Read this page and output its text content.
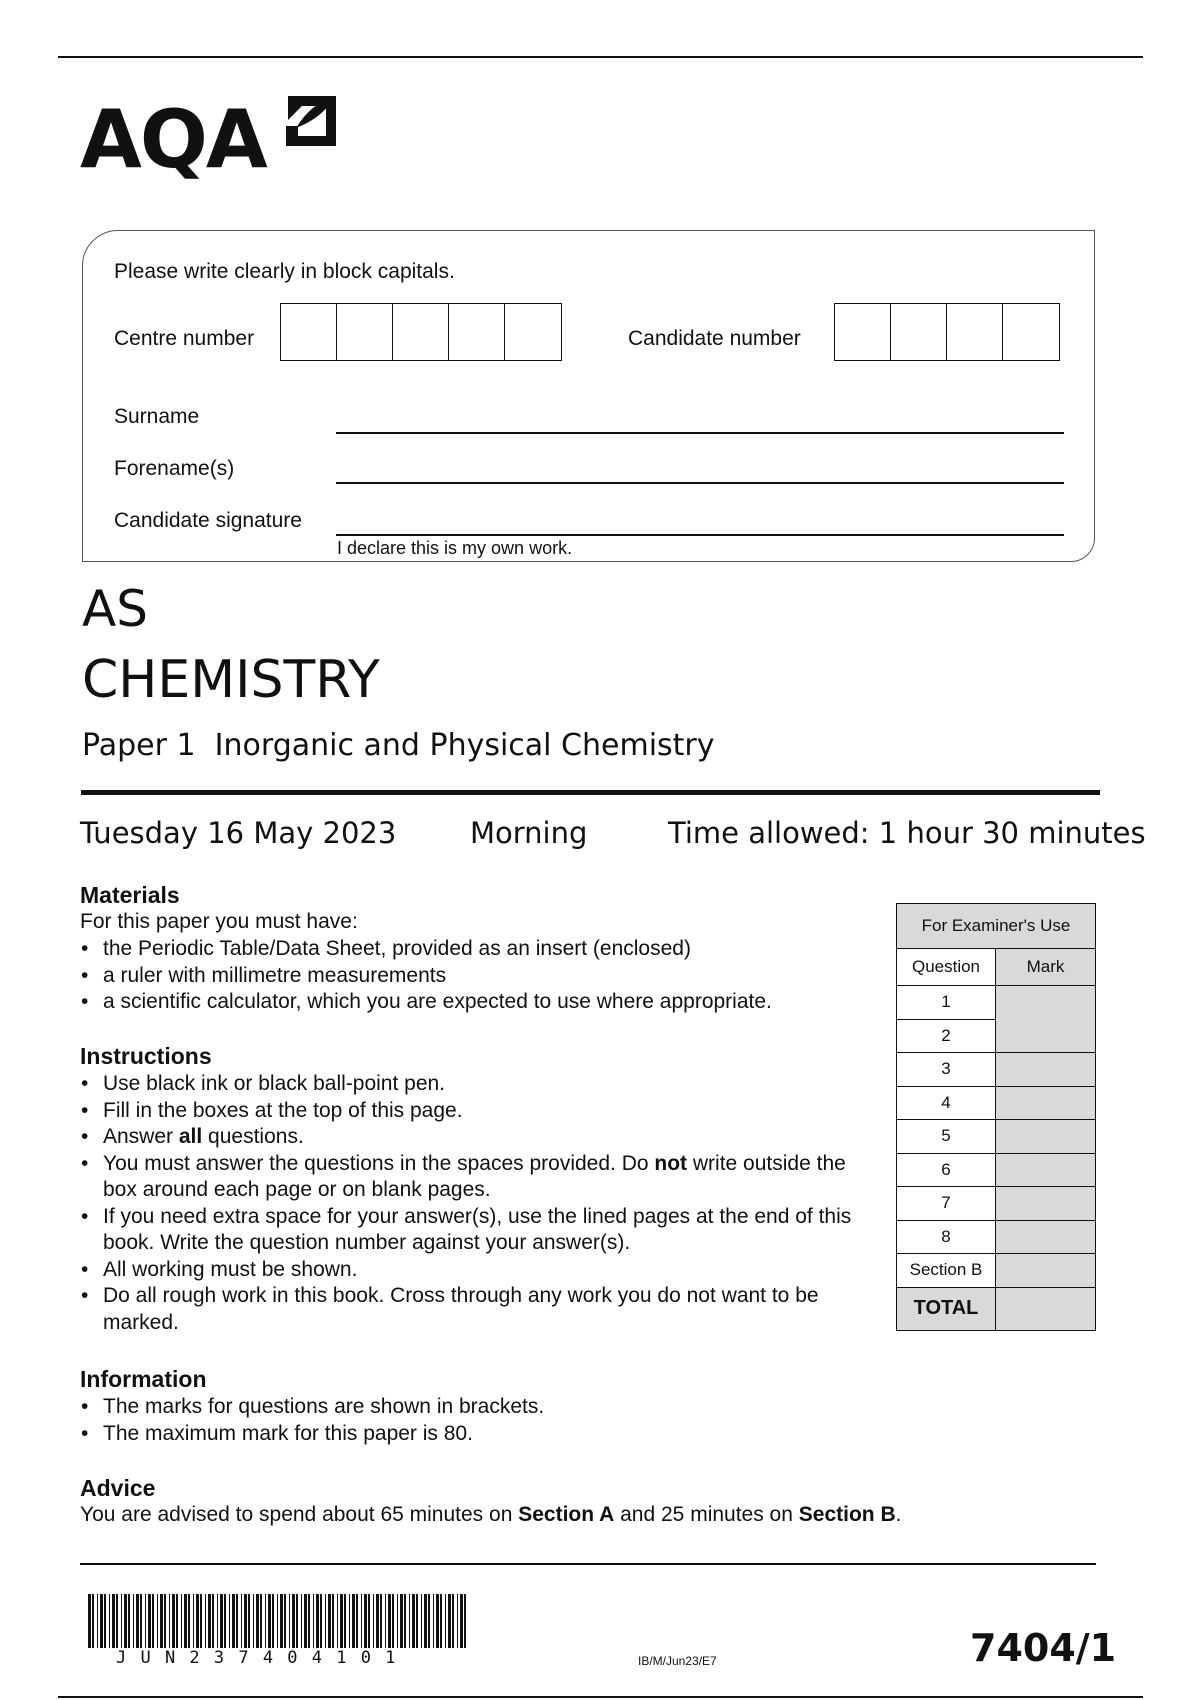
AQA
Please write clearly in block capitals.
Centre number	Candidate number
Surname
Forename(s)
Candidate signature
I declare this is my own work.
AS
CHEMISTRY
Paper 1 Inorganic and Physical Chemistry
Tuesday 16 May 2023	Morning	Time allowed: 1 hour 30 minutes
Materials
For this paper you must have:
• the Periodic Table/Data Sheet, provided as an insert (enclosed)
• a ruler with millimetre measurements
• a scientific calculator, which you are expected to use where appropriate.
Instructions
• Use black ink or black ball-point pen.
• Fill in the boxes at the top of this page.
• Answer all questions.
• You must answer the questions in the spaces provided. Do not write outside the box around each page or on blank pages.
• If you need extra space for your answer(s), use the lined pages at the end of this book. Write the question number against your answer(s).
• All working must be shown.
• Do all rough work in this book. Cross through any work you do not want to be marked.
Information
• The marks for questions are shown in brackets.
• The maximum mark for this paper is 80.
Advice
You are advised to spend about 65 minutes on Section A and 25 minutes on Section B.
For Examiner's Use	
Question	Mark
1	
2	
3	
4	
5	
6	
7	
8	
Section B	
TOTAL	
J U N 2 3 7 4 0 4 1 0 1	IB/M/Jun23/E7	7404/1
